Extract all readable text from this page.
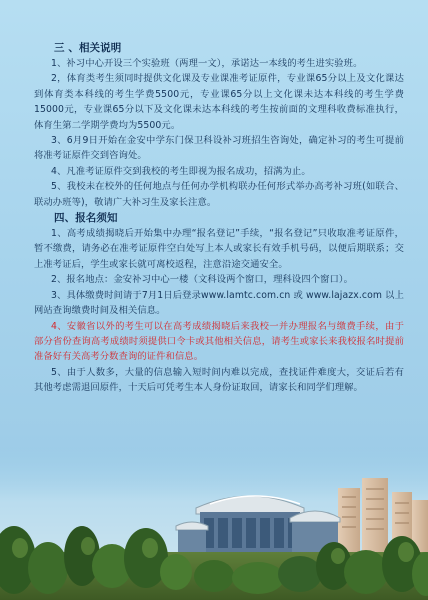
三 、相关说明

1、补习中心开设三个实验班（两理一文），承诺达一本线的考生进实验班。

2，体育类考生须同时提供文化课及专业课准考证原件，专业课65分以上及文化课达到体育类本科线的考生学费5500元，专业课65分以上文化课未达本科线的考生学费15000元，专业课65分以下及文化课未达本科线的考生按前面的文理科收费标准执行，体育生第二学期学费均为5500元。

3、6月9日开始在金安中学东门保卫科设补习班招生咨询处，确定补习的考生可提前将准考证原件交到咨询处。

4、凡准考证原件交到我校的考生即视为报名成功，招满为止。

5、我校未在校外的任何地点与任何办学机构联办任何形式举办高考补习班(如联合、联动办班等)，敬请广大补习生及家长注意。

四、报名须知

1、高考成绩揭晓后开始集中办理“报名登记”手续，“报名登记”只收取准考证原件，暂不缴费，请务必在准考证原件空白处写上本人或家长有效手机号码，以便后期联系；交上准考证后，学生或家长就可离校返程，注意沿途交通安全。

2、报名地点：金安补习中心一楼（文科设两个窗口，理科设四个窗口）。

3、具体缴费时间请于7月1日后登录www.lamtc.com.cn 或 www.lajazx.com 以上网站查询缴费时间及相关信息。

4、安徽省以外的考生可以在高考成绩揭晓后来我校一并办理报名与缴费手续，由于部分省份查询高考成绩时须提供口令卡或其他相关信息，请考生或家长来我校报名时提前准备好有关高考分数查询的证件和信息。

5、由于人数多，大量的信息输入短时间内难以完成，查找证件难度大，交证后若有其他考虑需退回原件，十天后可凭考生本人身份证取回，请家长和同学们理解。
